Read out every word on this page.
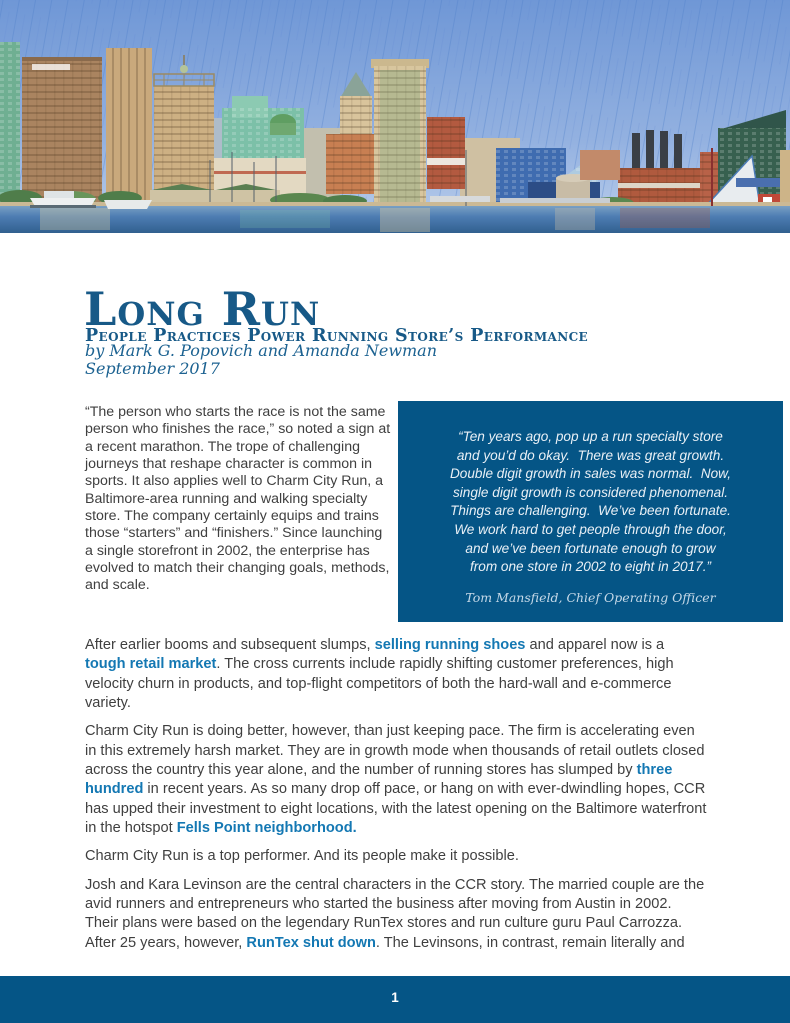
Long Run
People Practices Power Running Store’s Performance
by Mark G. Popovich and Amanda Newman
September 2017
“The person who starts the race is not the same person who finishes the race,” so noted a sign at a recent marathon. The trope of challenging journeys that reshape character is common in sports. It also applies well to Charm City Run, a Baltimore-area running and walking specialty store. The company certainly equips and trains those “starters” and “finishers.” Since launching a single storefront in 2002, the enterprise has evolved to match their changing goals, methods, and scale.
“Ten years ago, pop up a run specialty store
and you’d do okay.  There was great growth.
Double digit growth in sales was normal.  Now,
single digit growth is considered phenomenal.
Things are challenging.  We’ve been fortunate.
We work hard to get people through the door,
and we’ve been fortunate enough to grow
from one store in 2002 to eight in 2017.”
Tom Mansfield, Chief Operating Officer

After earlier booms and subsequent slumps, selling running shoes and apparel now is a tough retail market. The cross currents include rapidly shifting customer preferences, high velocity churn in products, and top-flight competitors of both the hard-wall and e-commerce variety.

Charm City Run is doing better, however, than just keeping pace. The firm is accelerating even in this extremely harsh market. They are in growth mode when thousands of retail outlets closed across the country this year alone, and the number of running stores has slumped by three hundred in recent years. As so many drop off pace, or hang on with ever-dwindling hopes, CCR has upped their investment to eight locations, with the latest opening on the Baltimore waterfront in the hotspot Fells Point neighborhood.

Charm City Run is a top performer. And its people make it possible.

Josh and Kara Levinson are the central characters in the CCR story. The married couple are the avid runners and entrepreneurs who started the business after moving from Austin in 2002. Their plans were based on the legendary RunTex stores and run culture guru Paul Carrozza. After 25 years, however, RunTex shut down. The Levinsons, in contrast, remain literally and

1
